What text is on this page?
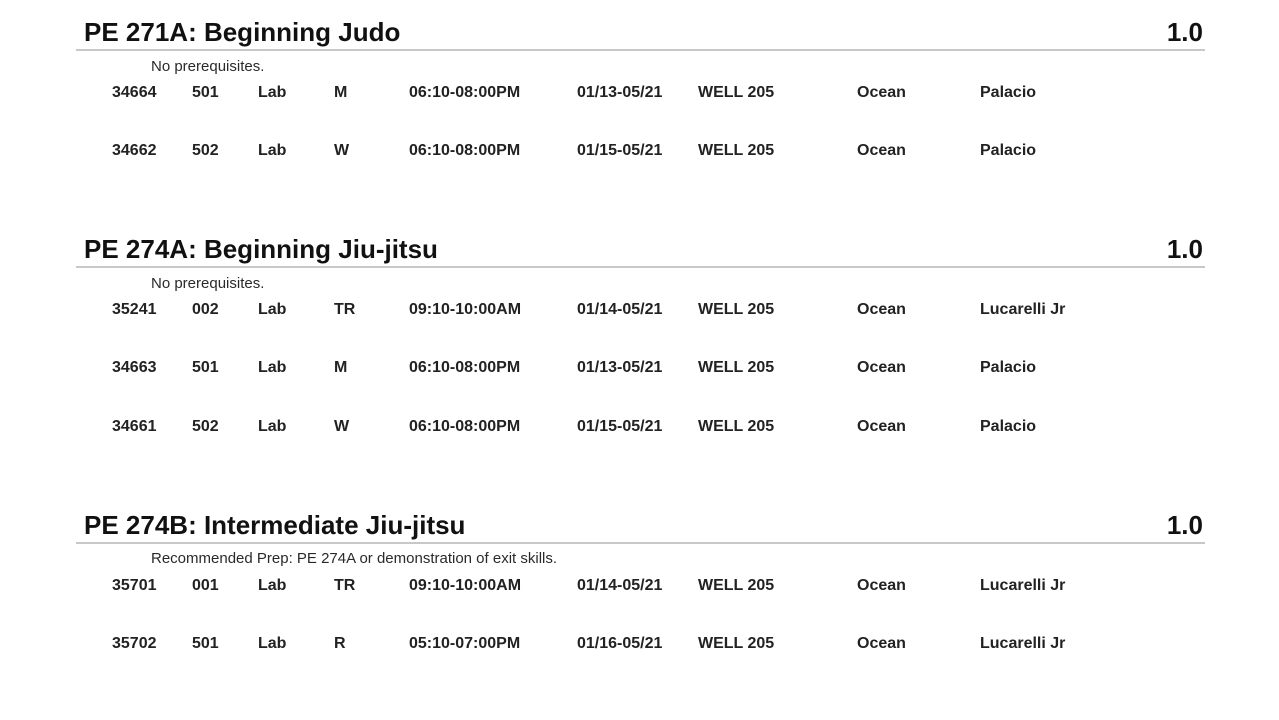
PE 271A: Beginning Judo	1.0
No prerequisites.
34664 501 Lab	M	06:10-08:00PM	01/13-05/21 WELL 205	Ocean	Palacio
34662 502 Lab	W	06:10-08:00PM	01/15-05/21 WELL 205	Ocean	Palacio
PE 274A: Beginning Jiu-jitsu	1.0
No prerequisites.
35241 002 Lab	TR	09:10-10:00AM	01/14-05/21 WELL 205	Ocean	Lucarelli Jr
34663 501 Lab	M	06:10-08:00PM	01/13-05/21 WELL 205	Ocean	Palacio
34661 502 Lab	W	06:10-08:00PM	01/15-05/21 WELL 205	Ocean	Palacio
PE 274B: Intermediate Jiu-jitsu	1.0
Recommended Prep: PE 274A or demonstration of exit skills.
35701 001 Lab	TR	09:10-10:00AM	01/14-05/21 WELL 205	Ocean	Lucarelli Jr
35702 501 Lab	R	05:10-07:00PM	01/16-05/21 WELL 205	Ocean	Lucarelli Jr
